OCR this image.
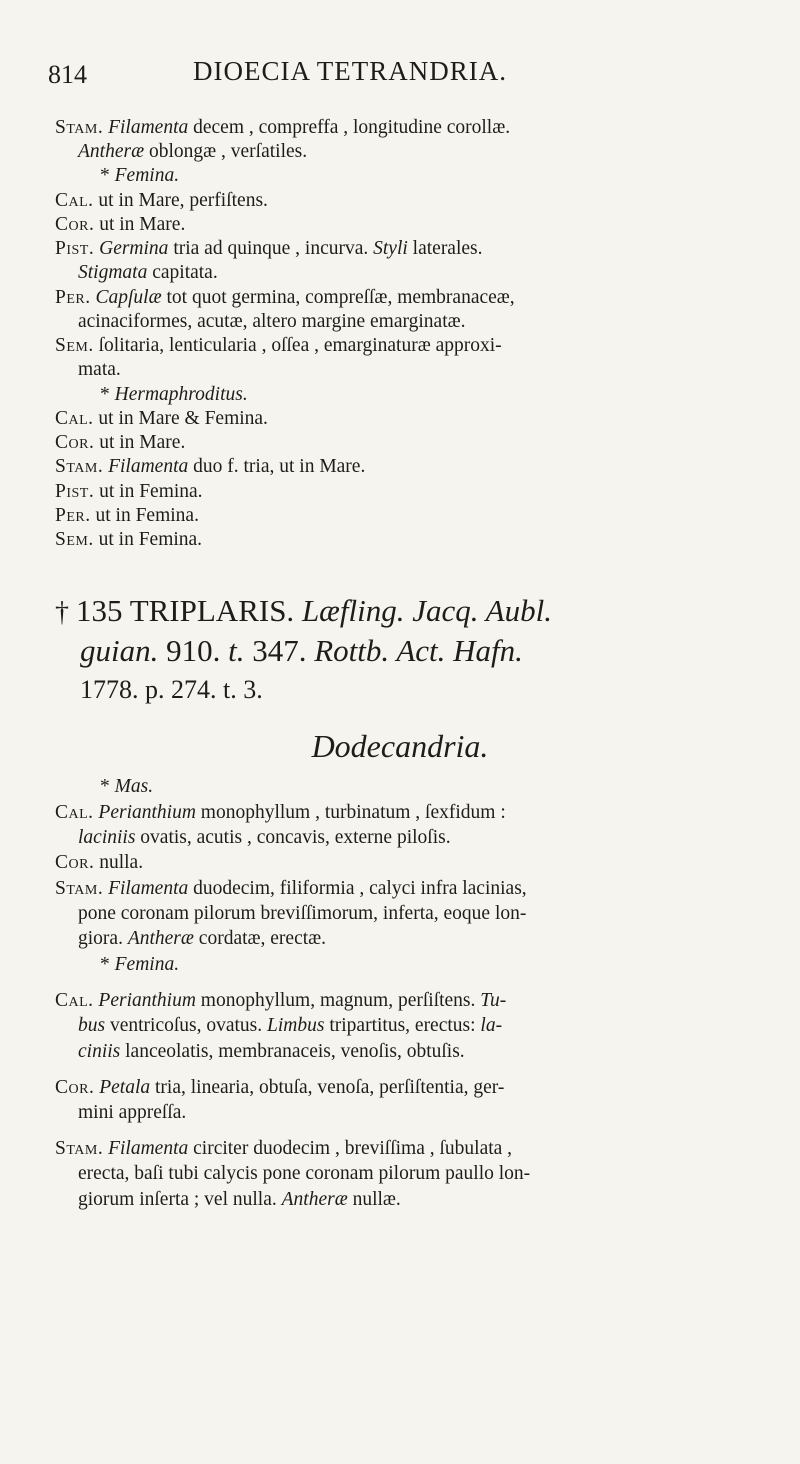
814	DIOECIA TETRANDRIA.
Stam. Filamenta decem , compreffa , longitudine corollæ.
Antheræ oblongæ , verſatiles.
* Femina.
Cal. ut in Mare, perfiſtens.
Cor. ut in Mare.
Pist. Germina tria ad quinque , incurva. Styli laterales.
Stigmata capitata.
Per. Capſulæ tot quot germina, compreſſæ, membranaceæ,
acinaciformes, acutæ, altero margine emarginatæ.
Sem. ſolitaria, lenticularia , oſſea , emarginaturæ approxi-
mata.
* Hermaphroditus.
Cal. ut in Mare & Femina.
Cor. ut in Mare.
Stam. Filamenta duo f. tria, ut in Mare.
Pist. ut in Femina.
Per. ut in Femina.
Sem. ut in Femina.
Dodecandria.
† 135 TRIPLARIS. Læfling. Jacq. Aubl.
guian. 910. t. 347. Rottb. Act. Hafn.
1778. p. 274. t. 3.
* Mas.
Cal. Perianthium monophyllum , turbinatum , ſexfidum :
laciniis ovatis, acutis , concavis, externe piloſis.
Cor. nulla.
Stam. Filamenta duodecim, filiformia , calyci infra lacinias,
pone coronam pilorum breviſſimorum, inferta, eoque lon-
giora. Antheræ cordatæ, erectæ.
* Femina.
Cal. Perianthium monophyllum, magnum, perſiſtens. Tu-
bus ventricoſus, ovatus. Limbus tripartitus, erectus: la-
ciniis lanceolatis, membranaceis, venoſis, obtuſis.
Cor. Petala tria, linearia, obtuſa, venoſa, perſiſtentia, ger-
mini appreſſa.
Stam. Filamenta circiter duodecim , breviſſima , ſubulata ,
erecta, baſi tubi calycis pone coronam pilorum paullo lon-
giorum inſerta ; vel nulla. Antheræ nullæ.
